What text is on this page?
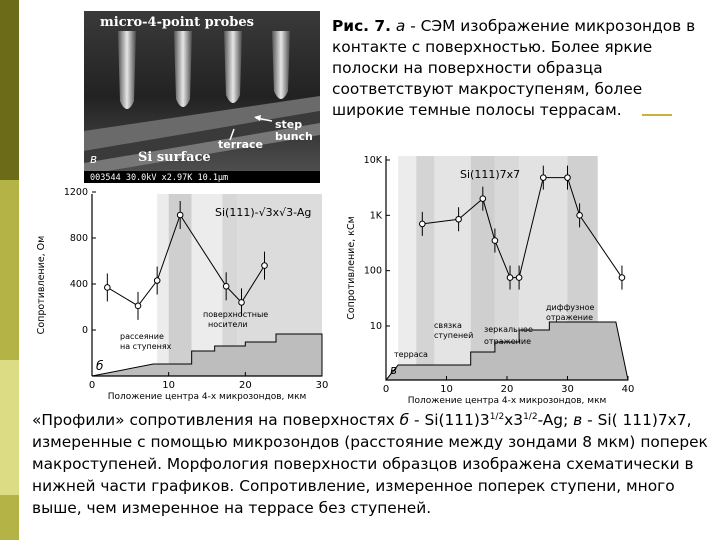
micro-4-point probes
step
bunch
terrace
в	Si surface
003544 30.0kV x2.97K 10.1μm
Рис. 7. а - СЭМ изображение микрозондов в контакте с поверхностью. Более яркие полоски на поверхности образца соответствуют макроступеням, более широкие темные полосы террасам.
0	10	20	30
1200
800
400
0
Si(111)-√3x√3-Ag
Положение центра 4-х микрозондов, мкм
Сопротивление, Ом
б
поверхностные
носители
рассеяние
на ступенях
0	10	20	30	40
10K
1K
100
10
Si(111)7x7
Положение центра 4-х микрозондов, мкм
Сопротивление, кСм
в
связка
ступеней
зеркальное
отражение
диффузное
отражение
терраса
«Профили» сопротивления на поверхностях б - $Si(111)3^{1/2}x3^{1/2}-Ag$; в - Si( 111)7x7, измеренные с помощью микрозондов (расстояние между зондами 8 мкм) поперек макроступеней. Морфология поверхности образцов изображена схематически в нижней части графиков. Сопротивление, измеренное поперек ступени, много выше, чем измеренное на терраce без ступеней.
